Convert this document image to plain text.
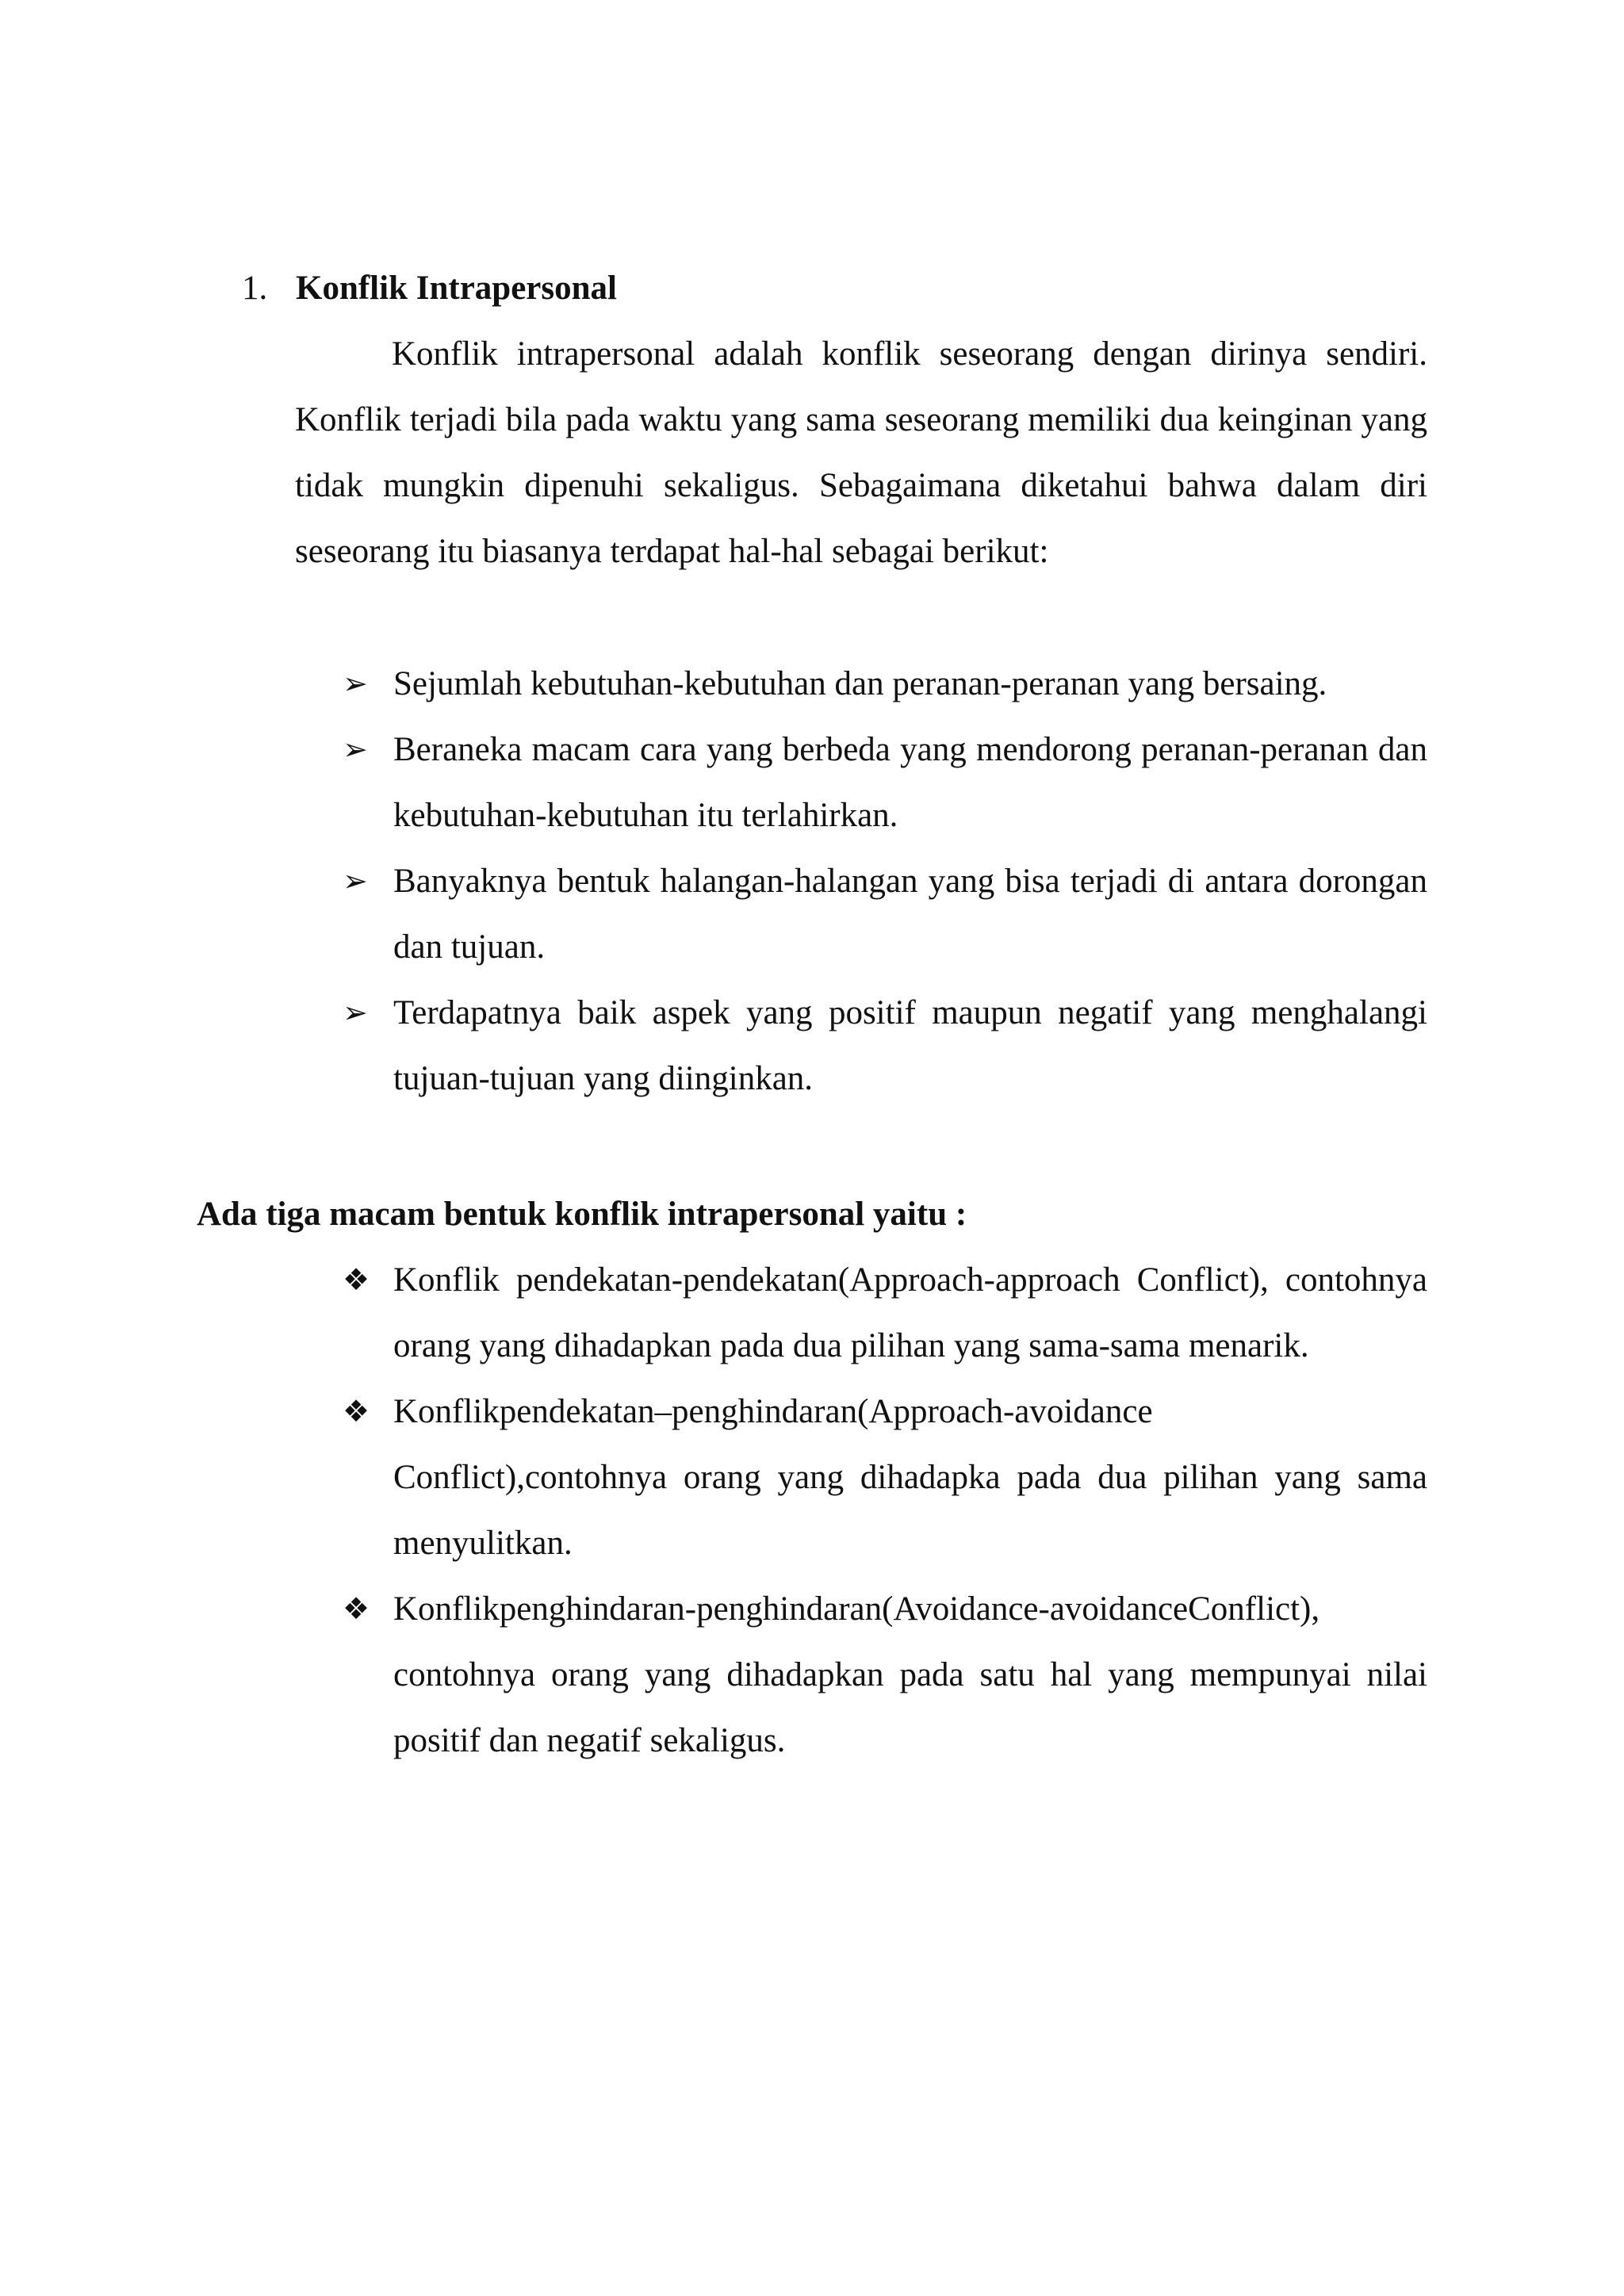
1. Konflik Intrapersonal
Konflik intrapersonal adalah konflik seseorang dengan dirinya sendiri. Konflik terjadi bila pada waktu yang sama seseorang memiliki dua keinginan yang tidak mungkin dipenuhi sekaligus. Sebagaimana diketahui bahwa dalam diri seseorang itu biasanya terdapat hal-hal sebagai berikut:
➢ Sejumlah kebutuhan-kebutuhan dan peranan-peranan yang bersaing.
➢ Beraneka macam cara yang berbeda yang mendorong peranan-peranan dan kebutuhan-kebutuhan itu terlahirkan.
➢ Banyaknya bentuk halangan-halangan yang bisa terjadi di antara dorongan dan tujuan.
➢ Terdapatnya baik aspek yang positif maupun negatif yang menghalangi tujuan-tujuan yang diinginkan.
Ada tiga macam bentuk konflik intrapersonal yaitu :
❖ Konflik pendekatan-pendekatan(Approach-approach Conflict), contohnya orang yang dihadapkan pada dua pilihan yang sama-sama menarik.
❖ Konflikpendekatan–penghindaran(Approach-avoidance Conflict),contohnya orang yang dihadapka pada dua pilihan yang sama menyulitkan.
❖ Konflikpenghindaran-penghindaran(Avoidance-avoidanceConflict), contohnya orang yang dihadapkan pada satu hal yang mempunyai nilai positif dan negatif sekaligus.
